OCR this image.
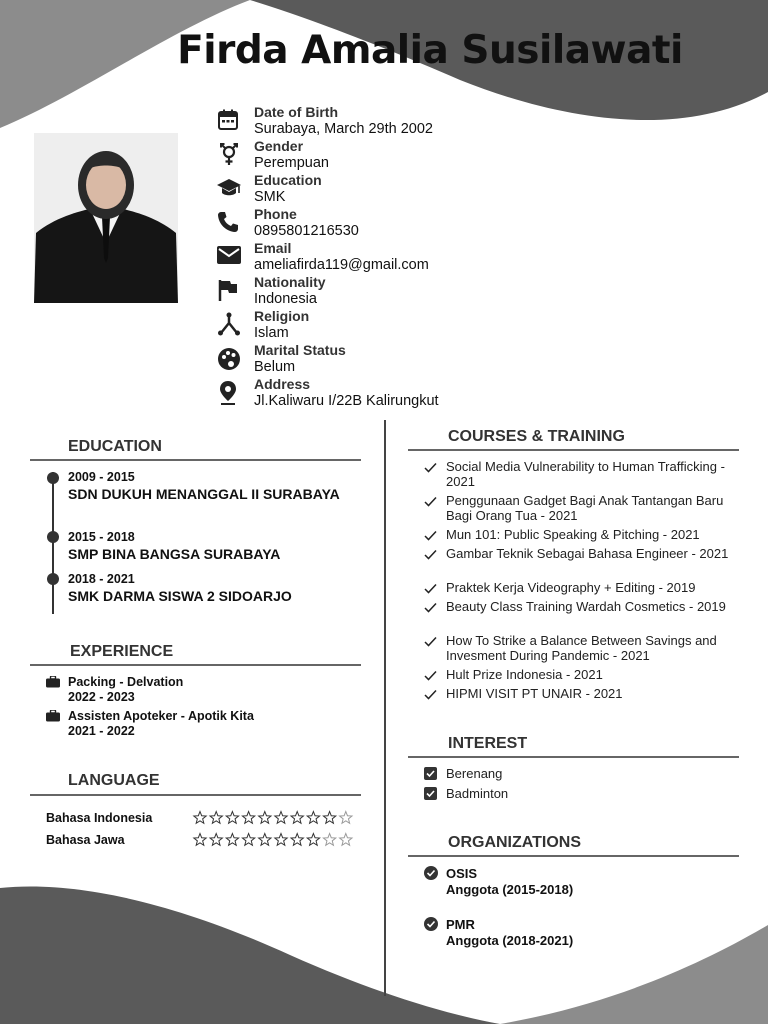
Firda Amalia Susilawati
Date of Birth
Surabaya, March 29th 2002
Gender
Perempuan
Education
SMK
Phone
0895801216530
Email
ameliafirda119@gmail.com
Nationality
Indonesia
Religion
Islam
Marital Status
Belum
Address
Jl.Kaliwaru I/22B Kalirungkut
EDUCATION
2009 - 2015
SDN DUKUH MENANGGAL II SURABAYA
2015 - 2018
SMP BINA BANGSA SURABAYA
2018 - 2021
SMK DARMA SISWA 2 SIDOARJO
EXPERIENCE
Packing - Delvation
2022 - 2023
Assisten Apoteker - Apotik Kita
2021 - 2022
LANGUAGE
Bahasa Indonesia
Bahasa Jawa
COURSES & TRAINING
Social Media Vulnerability to Human Trafficking - 2021
Penggunaan Gadget Bagi Anak Tantangan Baru Bagi Orang Tua - 2021
Mun 101: Public Speaking & Pitching - 2021
Gambar Teknik Sebagai Bahasa Engineer - 2021
Praktek Kerja Videography + Editing - 2019
Beauty Class Training Wardah Cosmetics - 2019
How To Strike a Balance Between Savings and Invesment During Pandemic - 2021
Hult Prize Indonesia - 2021
HIPMI VISIT PT UNAIR - 2021
INTEREST
Berenang
Badminton
ORGANIZATIONS
OSIS
Anggota (2015-2018)
PMR
Anggota (2018-2021)
